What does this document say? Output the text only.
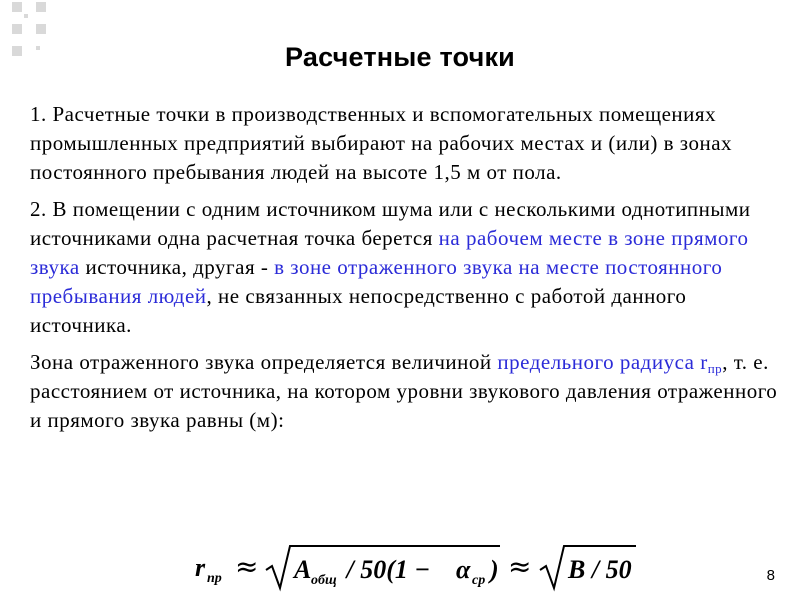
Расчетные точки

1. Расчетные точки в производственных и вспомогательных помещениях промышленных предприятий выбирают на рабочих местах и (или) в зонах постоянного пребывания людей на высоте 1,5 м от пола.

2. В помещении с одним источником шума или с несколькими однотипными источниками одна расчетная точка берется на рабочем месте в зоне прямого звука источника, другая - в зоне отраженного звука на месте постоянного пребывания людей, не связанных непосредственно с работой данного источника.

Зона отраженного звука определяется величиной предельного радиуса $r_{пр}$, т. е. расстоянием от источника, на котором уровни звукового давления отраженного и прямого звука равны (м):

r пр ≈ A общ / 50(1 − α ср ) ≈ B / 50	8
